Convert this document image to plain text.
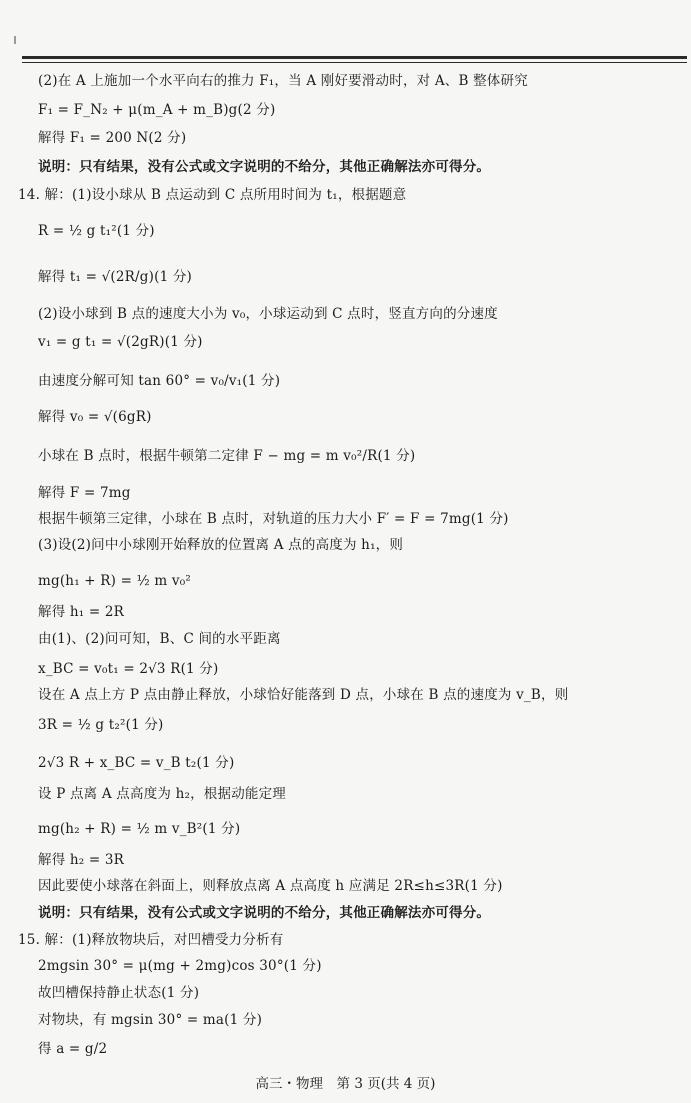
(2)在 A 上施加一个水平向右的推力 F₁，当 A 刚好要滑动时，对 A、B 整体研究
F₁ = F_N₂ + μ(m_A + m_B)g(2 分)
解得 F₁ = 200 N(2 分)
说明：只有结果，没有公式或文字说明的不给分，其他正确解法亦可得分。
14. 解：(1)设小球从 B 点运动到 C 点所用时间为 t₁，根据题意
R = ½ g t₁²(1 分)
解得 t₁ = √(2R/g)(1 分)
(2)设小球到 B 点的速度大小为 v₀，小球运动到 C 点时，竖直方向的分速度
v₁ = g t₁ = √(2gR)(1 分)
由速度分解可知 tan 60° = v₀/v₁(1 分)
解得 v₀ = √(6gR)
小球在 B 点时，根据牛顿第二定律 F − mg = m v₀²/R(1 分)
解得 F = 7mg
根据牛顿第三定律，小球在 B 点时，对轨道的压力大小 F′ = F = 7mg(1 分)
(3)设(2)问中小球刚开始释放的位置离 A 点的高度为 h₁，则
mg(h₁ + R) = ½ m v₀²
解得 h₁ = 2R
由(1)、(2)问可知，B、C 间的水平距离
x_BC = v₀t₁ = 2√3 R(1 分)
设在 A 点上方 P 点由静止释放，小球恰好能落到 D 点，小球在 B 点的速度为 v_B，则
3R = ½ g t₂²(1 分)
2√3 R + x_BC = v_B t₂(1 分)
设 P 点离 A 点高度为 h₂，根据动能定理
mg(h₂ + R) = ½ m v_B²(1 分)
解得 h₂ = 3R
因此要使小球落在斜面上，则释放点离 A 点高度 h 应满足 2R≤h≤3R(1 分)
说明：只有结果，没有公式或文字说明的不给分，其他正确解法亦可得分。
15. 解：(1)释放物块后，对凹槽受力分析有
2mgsin 30° = μ(mg + 2mg)cos 30°(1 分)
故凹槽保持静止状态(1 分)
对物块，有 mgsin 30° = ma(1 分)
得 a = g/2
高三・物理　第 3 页(共 4 页)
